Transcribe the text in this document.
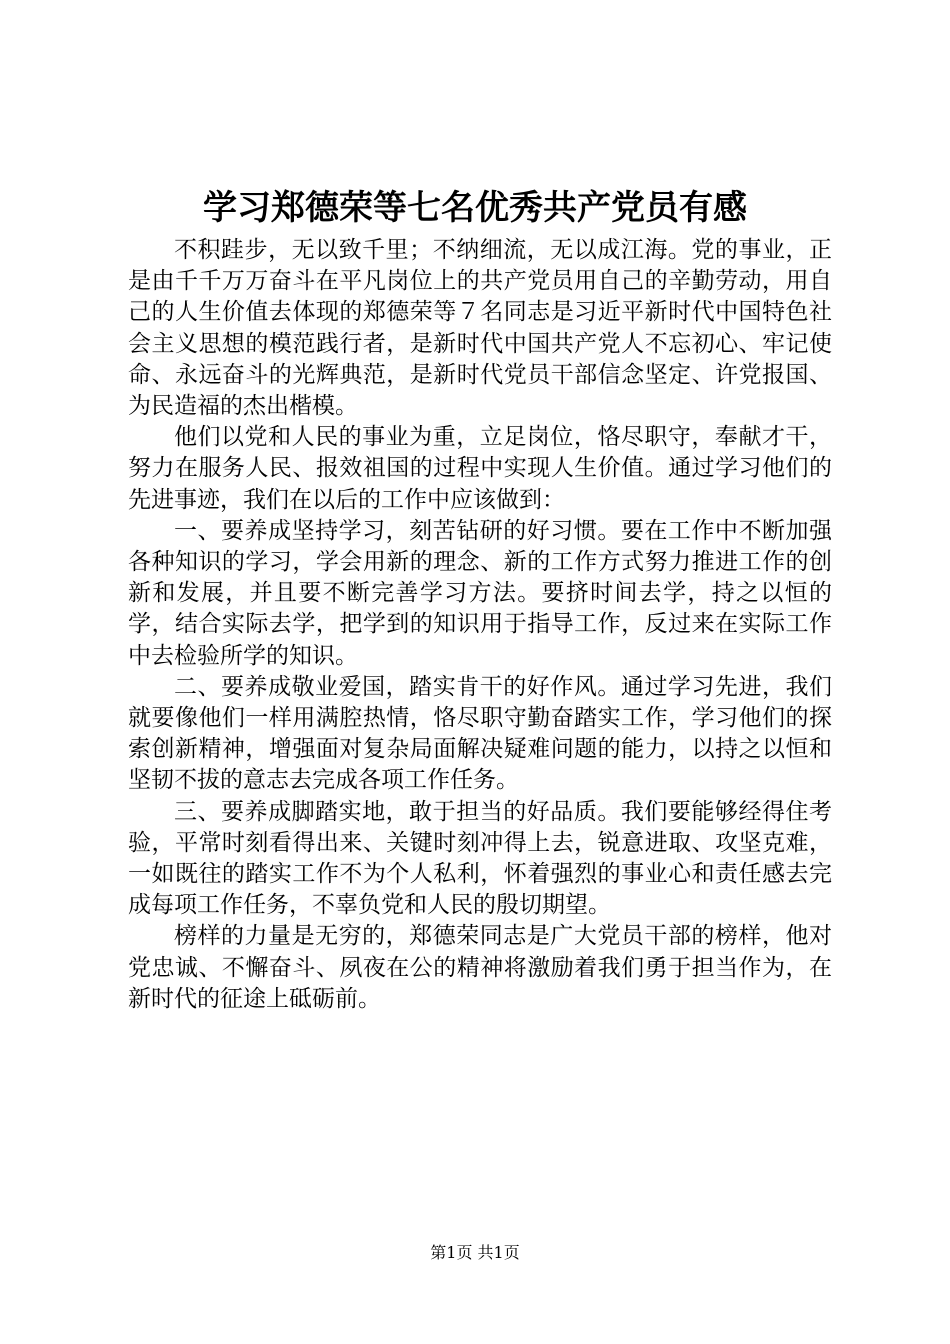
学习郑德荣等七名优秀共产党员有感

不积跬步，无以致千里；不纳细流，无以成江海。党的事业，正是由千千万万奋斗在平凡岗位上的共产党员用自己的辛勤劳动，用自己的人生价值去体现的郑德荣等７名同志是习近平新时代中国特色社会主义思想的模范践行者，是新时代中国共产党人不忘初心、牢记使命、永远奋斗的光辉典范，是新时代党员干部信念坚定、许党报国、为民造福的杰出楷模。

他们以党和人民的事业为重，立足岗位，恪尽职守，奉献才干，努力在服务人民、报效祖国的过程中实现人生价值。通过学习他们的先进事迹，我们在以后的工作中应该做到：

一、要养成坚持学习，刻苦钻研的好习惯。要在工作中不断加强各种知识的学习，学会用新的理念、新的工作方式努力推进工作的创新和发展，并且要不断完善学习方法。要挤时间去学，持之以恒的学，结合实际去学，把学到的知识用于指导工作，反过来在实际工作中去检验所学的知识。

二、要养成敬业爱国，踏实肯干的好作风。通过学习先进，我们就要像他们一样用满腔热情，恪尽职守勤奋踏实工作，学习他们的探索创新精神，增强面对复杂局面解决疑难问题的能力，以持之以恒和坚韧不拔的意志去完成各项工作任务。

三、要养成脚踏实地，敢于担当的好品质。我们要能够经得住考验，平常时刻看得出来、关键时刻冲得上去，锐意进取、攻坚克难，一如既往的踏实工作不为个人私利，怀着强烈的事业心和责任感去完成每项工作任务，不辜负党和人民的殷切期望。

榜样的力量是无穷的，郑德荣同志是广大党员干部的榜样，他对党忠诚、不懈奋斗、夙夜在公的精神将激励着我们勇于担当作为，在新时代的征途上砥砺前。

第1页 共1页
